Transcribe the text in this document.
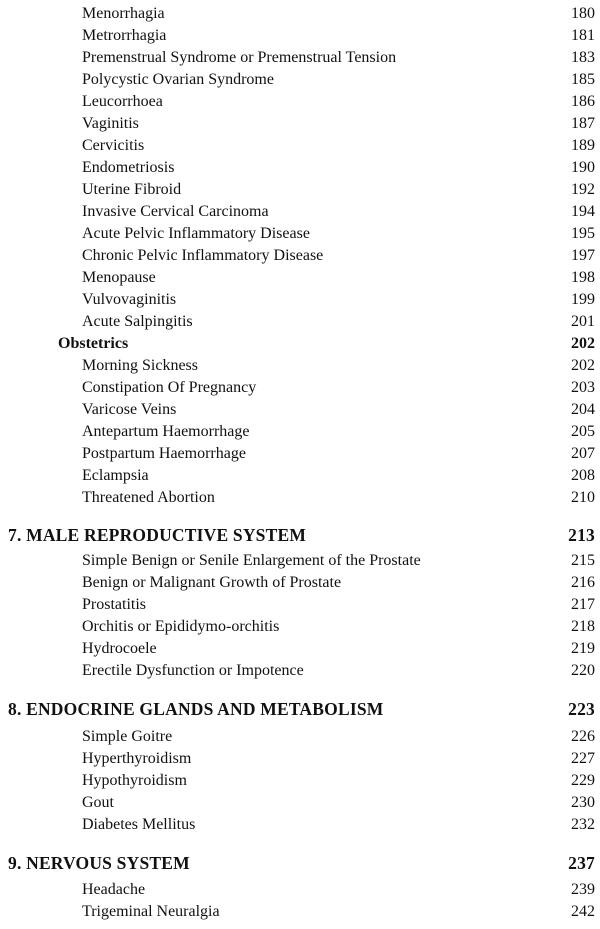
Menorrhagia	180
Metrorrhagia	181
Premenstrual Syndrome or Premenstrual Tension	183
Polycystic Ovarian Syndrome	185
Leucorrhoea	186
Vaginitis	187
Cervicitis	189
Endometriosis	190
Uterine Fibroid	192
Invasive Cervical Carcinoma	194
Acute Pelvic Inflammatory Disease	195
Chronic Pelvic Inflammatory Disease	197
Menopause	198
Vulvovaginitis	199
Acute Salpingitis	201
Obstetrics	202
Morning Sickness	202
Constipation Of Pregnancy	203
Varicose Veins	204
Antepartum Haemorrhage	205
Postpartum Haemorrhage	207
Eclampsia	208
Threatened Abortion	210
7. MALE REPRODUCTIVE SYSTEM	213
Simple Benign or Senile Enlargement of the Prostate	215
Benign or Malignant Growth of Prostate	216
Prostatitis	217
Orchitis or Epididymo-orchitis	218
Hydrocoele	219
Erectile Dysfunction or Impotence	220
8. ENDOCRINE GLANDS AND METABOLISM	223
Simple Goitre	226
Hyperthyroidism	227
Hypothyroidism	229
Gout	230
Diabetes Mellitus	232
9. NERVOUS SYSTEM	237
Headache	239
Trigeminal Neuralgia	242
